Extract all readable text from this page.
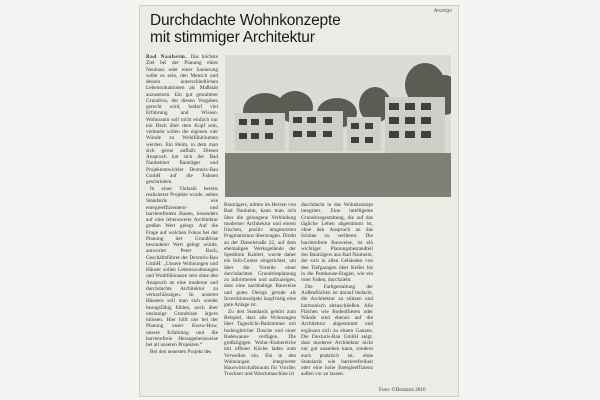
Anzeige
Durchdachte Wohnkonzepte
mit stimmiger Architektur

Bad Nauheim. Das höchste Ziel bei der Planung eines Neubaus oder einer Sanierung sollte es sein, den Mensch und dessen unterschiedlichen Lebenssituationen als Maßstab anzusetzen. Ein gut gestalteter Grundriss, der diesen Vorgaben gerecht wird, bedarf viel Erfahrung und Wissen. Wohnraum soll nicht einfach nur ein Dach über dem Kopf sein, vielmehr sollen die eigenen vier Wände zu Wohlfühlräumen werden. Ein Heim, in dem man sich gerne aufhält. Diesen Anspruch hat sich der Bad Nauheimer Bauträger und Projektentwickler Dexturis-Bau GmbH auf die Fahnen geschrieben.

In einer Vielzahl bereits realisierter Projekte wurde, neben Standards wie energieeffizientem- und barrierefreiem Bauen, besonders auf eine lebenswerte Architektur großen Wert gelegt. Auf die Frage auf welchen Fokus bei der Planung der Grundrisse besonderer Wert gelegt würde, antwortet Peter Bach, Geschäftsführer der Dexturis-Bau GmbH: „Unsere Wohnungen und Häuser sollen Lebenswohnungen und Wohlfühloasen sein ohne den Anspruch an eine moderne und durchdachte Architektur zu vernachlässigen. In unseren Häusern soll man sich wieder bezugsfähig fühlen, noch über unsinnige Grundrisse ärgern müssen. Hier hilft uns bei der Planung unser Know-How, unsere Erfahrung und die barrierefreie Herangehensweise bei all unseren Projekten.“

Bei den neuesten Projekt des

Bauträgers, mitten im Herzen von Bad Nauheim, kann man sich über die gelungene Verbindung moderner Architektur und einem frischen, positiv umgesetzten Pragmatismus überzeugen. Direkt an der Dieselstraße 22, auf dem ehemaligen Werksgelände der Spedition Kahlert, wurde daher ein Info-Center eingerichtet, um über die Vorteile einer durchdachten Grundrissplanung zu informieren und aufzuzeigen, dass eine nachhaltige Bauweise und gutes Design gerade als Investitionsobjekt langfristig eine gute Anlage ist.

Zu den Standards gehört zum Beispiel, dass alle Wohnungen über Tageslicht-Badzimmer mit bodengleicher Dusche und einer Badewanne verfügen. Die großzügigen Wohn-/Essbereiche mit offener Küche laden zum Verweilen ein. Ein in den Wohnungen integrierter Hauswirtschaftsraum für Vorräte, Trockner und Waschmaschine ist

durchdacht in das Wohnkonzept integriert. Eine intelligente Grundrissgestaltung, die auf das tägliche Leben abgestimmt ist, ohne den Anspruch an das Schöne zu verlieren. Die barrierefreie Bauweise, ist ein wichtiger Planungsbestandteil des Bauträgers aus Bad Nauheim, der sich in allen Gebäuden von den Tiefgaragen über Keller bis in die Penthouse-Etagen, wie ein roter Faden, durchzieht.

Die Farbgestaltung der Außenflächen ist darauf bedacht, die Architektur zu stützen und harmonisch abzuschließen. Alle Flächen wie Bodenfliesen oder Wände sind ebenso auf die Architektur abgestimmt und ergänzen sich zu einem Ganzen. Die Dexturis-Bau GmbH zeigt, dass moderne Architektur nicht nur gut aussehen kann, sondern auch praktisch ist, ohne Standards wie barrierefreiheit oder eine hohe Energieeffizienz außen vor zu lassen.

Foto: ©Dexturis 2016
